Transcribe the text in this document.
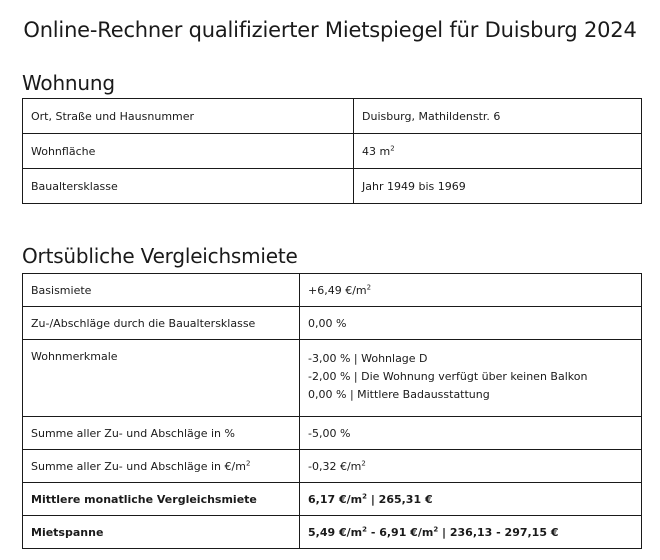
Online-Rechner qualifizierter Mietspiegel für Duisburg 2024
Wohnung
Ort, Straße und Hausnummer	Duisburg, Mathildenstr. 6
Wohnfläche	43 $m^2$
Baualtersklasse	Jahr 1949 bis 1969
Ortsübliche Vergleichsmiete
Basismiete	+6,49 $€/m^2$
Zu-/Abschläge durch die Baualtersklasse	0,00 %
Wohnmerkmale	-3,00 % | Wohnlage D
-2,00 % | Die Wohnung verfügt über keinen Balkon
0,00 % | Mittlere Badausstattung

Summe aller Zu- und Abschläge in %	-5,00 %
Summe aller Zu- und Abschläge in $€/m^2$	-0,32 $€/m^2$
Mittlere monatliche Vergleichsmiete	6,17 $€/m^2$ | 265,31 €
Mietspanne	5,49 $€/m^2 - 6,91$ $€/m^2$ | 236,13 - 297,15 €
